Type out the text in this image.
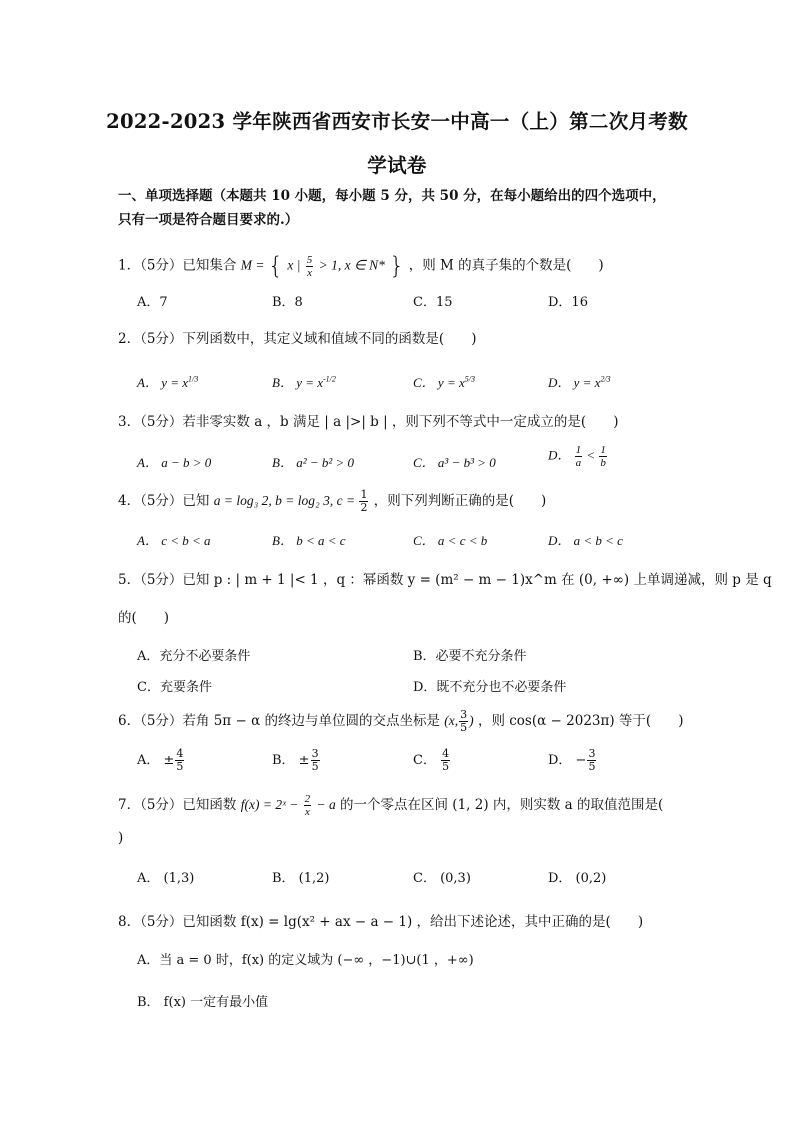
2022-2023 学年陕西省西安市长安一中高一（上）第二次月考数
学试卷
一、单项选择题（本题共 10 小题，每小题 5 分，共 50 分，在每小题给出的四个选项中，只有一项是符合题目要求的.）
1．（5分）已知集合 M = { x | $\frac{5}{x} > 1$, x ∈ N* } ，则 M 的真子集的个数是(　　)
A．7	B．8	C．15	D．16
2．（5分）下列函数中，其定义域和值域不同的函数是(　　)
A． $y = x^{1/3}$	B． $y = x^{-1/2}$	C． $y = x^{5/3}$	D． $y = x^{2/3}$
3．（5分）若非零实数 a ，b 满足 | a |>| b | ，则下列不等式中一定成立的是(　　)
A． a − b > 0	B． a² − b² > 0	C． a³ − b³ > 0
D． $\frac{1}{a} < \frac{1}{b}$
4．（5分）已知 a = log₃ 2, b = log₂ 3, $c = \frac{1}{2}$ ，则下列判断正确的是(　　)
A． c < b < a	B． b < a < c	C． a < c < b	D． a < b < c
5．（5分）已知 p : | m + 1 |< 1 ，q ：幂函数 y = (m² − m − 1)x^m 在 (0, +∞) 上单调递减，则 p 是 q
的(　　)
A．充分不必要条件	B．必要不充分条件
C．充要条件	D．既不充分也不必要条件
6．（5分）若角 5π − α 的终边与单位圆的交点坐标是 (x, $\frac{3}{5}$ ) ，则 cos(α − 2023π) 等于(　　)
A． ± $\frac{4}{5}$	B． ± $\frac{3}{5}$	C． $\frac{4}{5}$	D． − $\frac{3}{5}$
7．（5分）已知函数 f(x) = 2ˣ − $\frac{2}{x} - a$ 的一个零点在区间 (1, 2) 内，则实数 a 的取值范围是(
)
A． (1,3)	B． (1,2)	C． (0,3)	D． (0,2)
8．（5分）已知函数 f(x) = lg(x² + ax − a − 1) ，给出下述论述，其中正确的是(　　)
A．当 a = 0 时，f(x) 的定义域为 (−∞ ，−1)∪(1 ，+∞)
B． f(x) 一定有最小值
